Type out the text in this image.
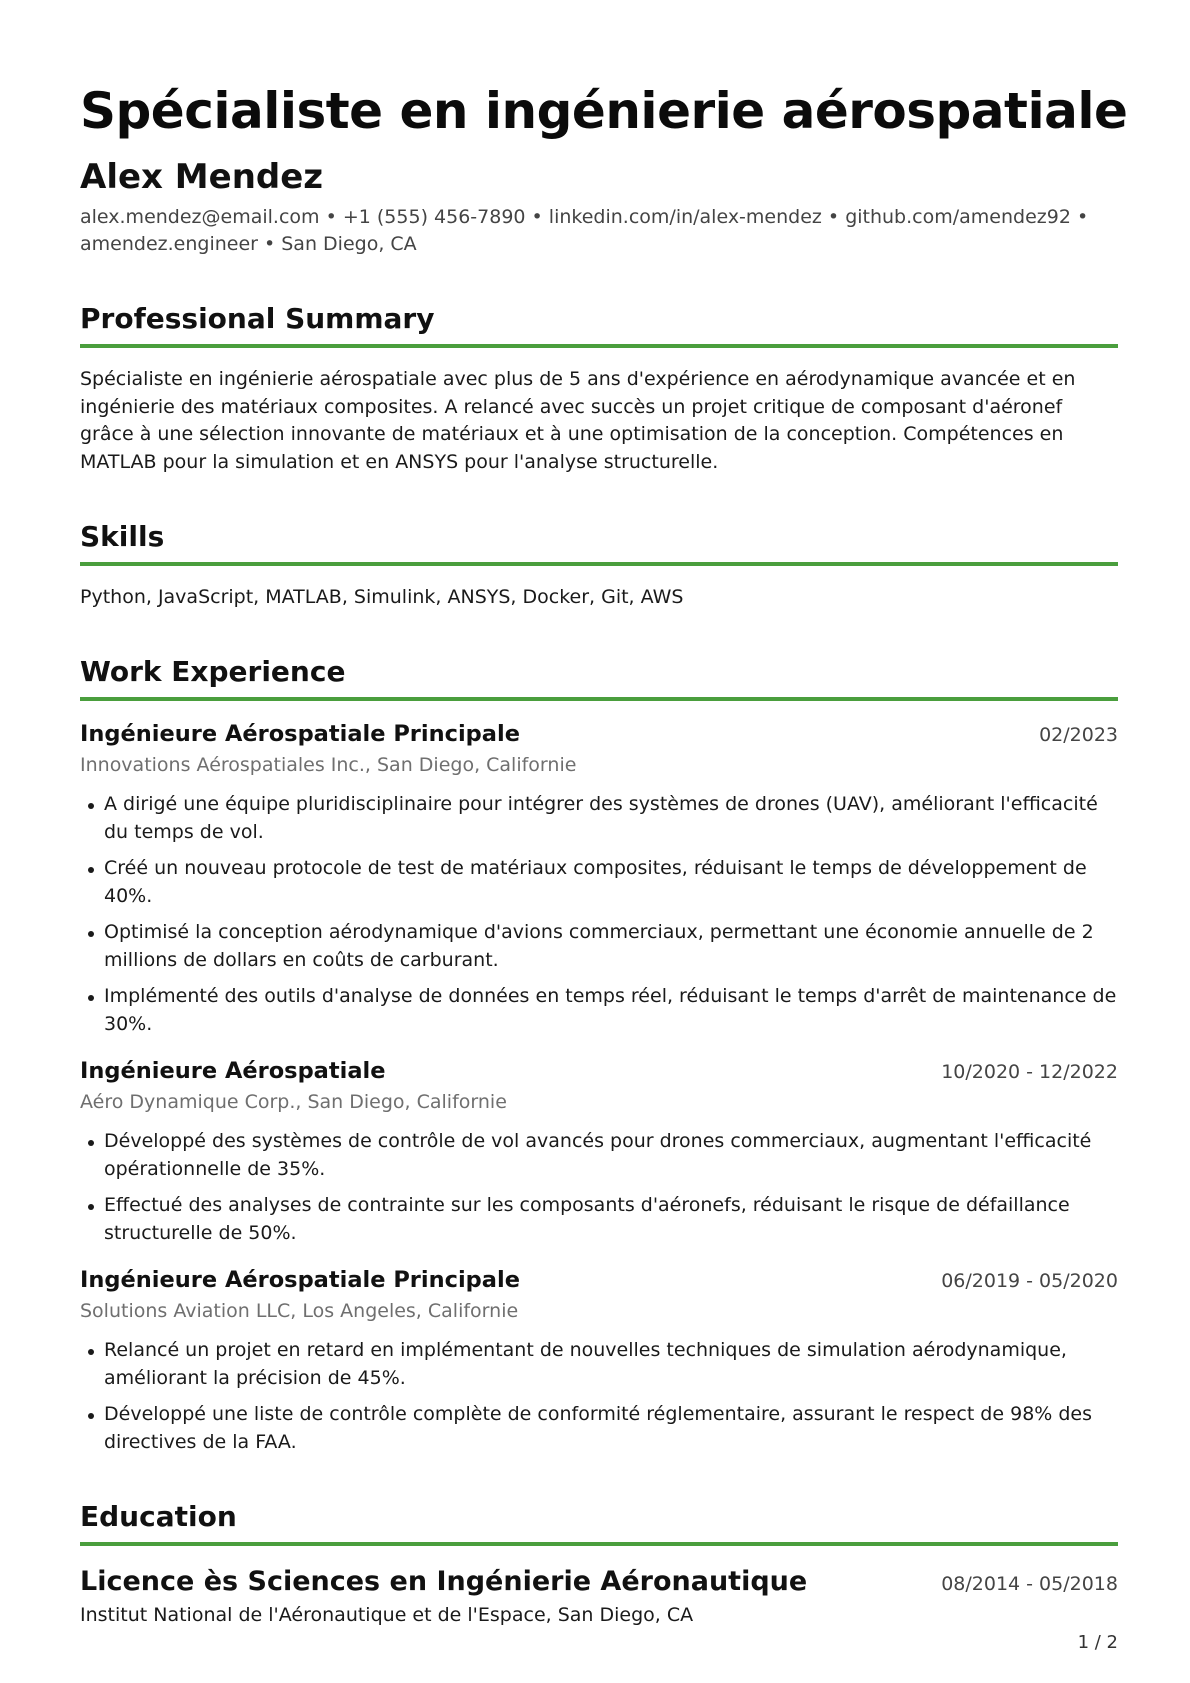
Spécialiste en ingénierie aérospatiale
Alex Mendez
alex.mendez@email.com • +1 (555) 456-7890 • linkedin.com/in/alex-mendez • github.com/amendez92 •
amendez.engineer • San Diego, CA
Professional Summary

Spécialiste en ingénierie aérospatiale avec plus de 5 ans d'expérience en aérodynamique avancée et en ingénierie des matériaux composites. A relancé avec succès un projet critique de composant d'aéronef grâce à une sélection innovante de matériaux et à une optimisation de la conception. Compétences en MATLAB pour la simulation et en ANSYS pour l'analyse structurelle.

Skills

Python, JavaScript, MATLAB, Simulink, ANSYS, Docker, Git, AWS

Work Experience
Ingénieure Aérospatiale Principale	02/2023
Innovations Aérospatiales Inc., San Diego, Californie
A dirigé une équipe pluridisciplinaire pour intégrer des systèmes de drones (UAV), améliorant l'efficacité du temps de vol.
Créé un nouveau protocole de test de matériaux composites, réduisant le temps de développement de 40%.
Optimisé la conception aérodynamique d'avions commerciaux, permettant une économie annuelle de 2 millions de dollars en coûts de carburant.
Implémenté des outils d'analyse de données en temps réel, réduisant le temps d'arrêt de maintenance de 30%.
Ingénieure Aérospatiale	10/2020 - 12/2022
Aéro Dynamique Corp., San Diego, Californie
Développé des systèmes de contrôle de vol avancés pour drones commerciaux, augmentant l'efficacité opérationnelle de 35%.
Effectué des analyses de contrainte sur les composants d'aéronefs, réduisant le risque de défaillance structurelle de 50%.
Ingénieure Aérospatiale Principale	06/2019 - 05/2020
Solutions Aviation LLC, Los Angeles, Californie
Relancé un projet en retard en implémentant de nouvelles techniques de simulation aérodynamique, améliorant la précision de 45%.
Développé une liste de contrôle complète de conformité réglementaire, assurant le respect de 98% des directives de la FAA.
Education
Licence ès Sciences en Ingénierie Aéronautique	08/2014 - 05/2018
Institut National de l'Aéronautique et de l'Espace, San Diego, CA
1 / 2
